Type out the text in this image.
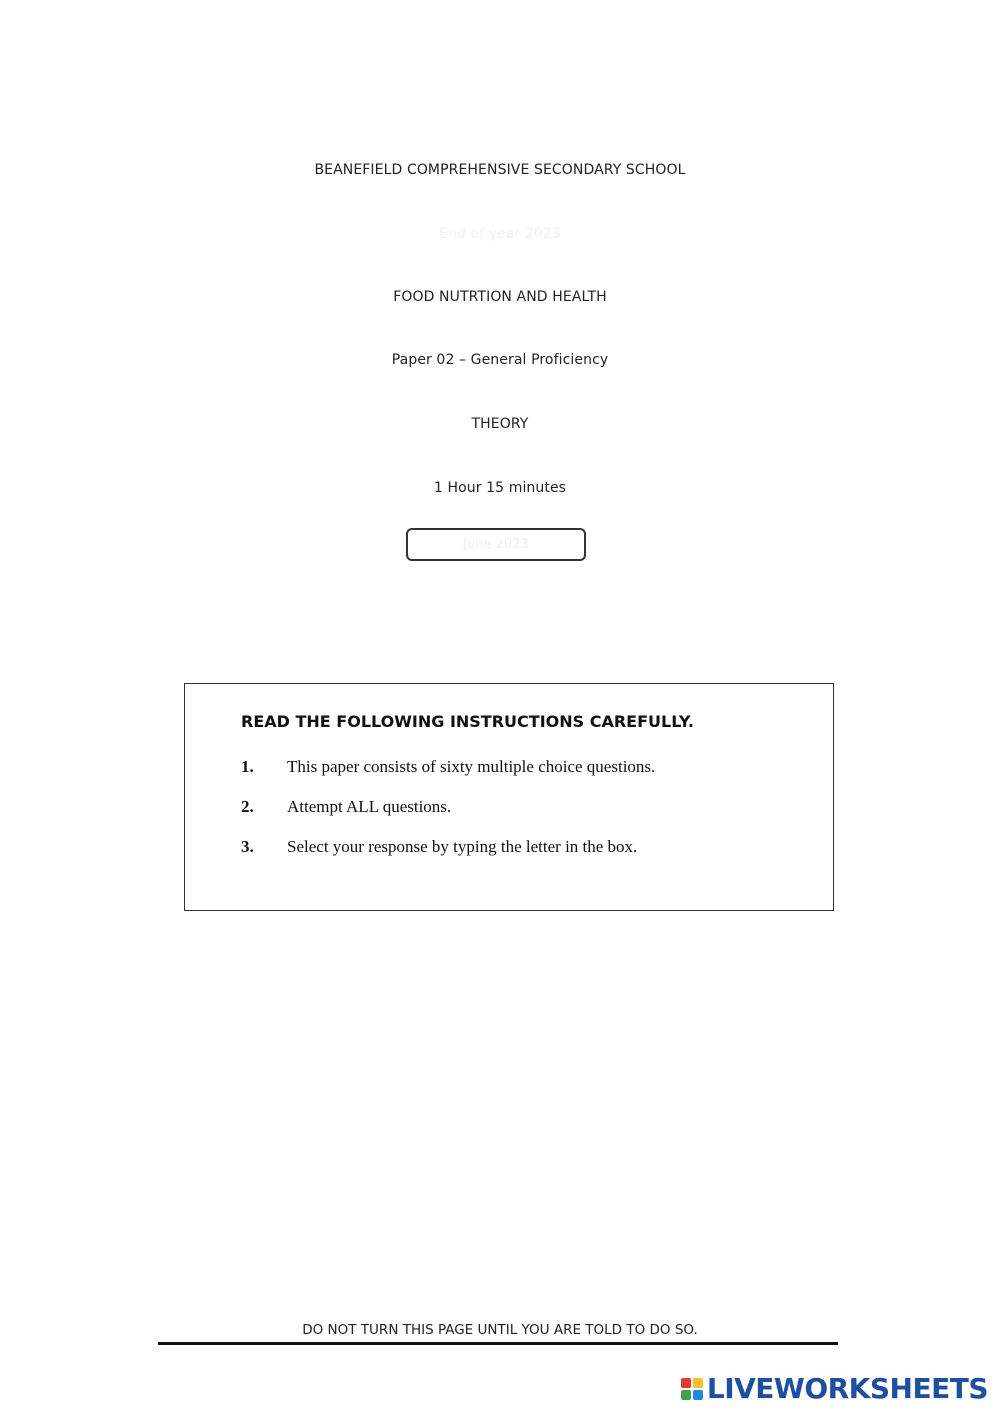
BEANEFIELD COMPREHENSIVE SECONDARY SCHOOL
End of year 2023
FOOD NUTRTION AND HEALTH
Paper 02 – General Proficiency
THEORY
1 Hour 15 minutes
June 2023
READ THE FOLLOWING INSTRUCTIONS CAREFULLY.
1. This paper consists of sixty multiple choice questions.
2. Attempt ALL questions.
3. Select your response by typing the letter in the box.
DO NOT TURN THIS PAGE UNTIL YOU ARE TOLD TO DO SO.
LIVEWORKSHEETS
